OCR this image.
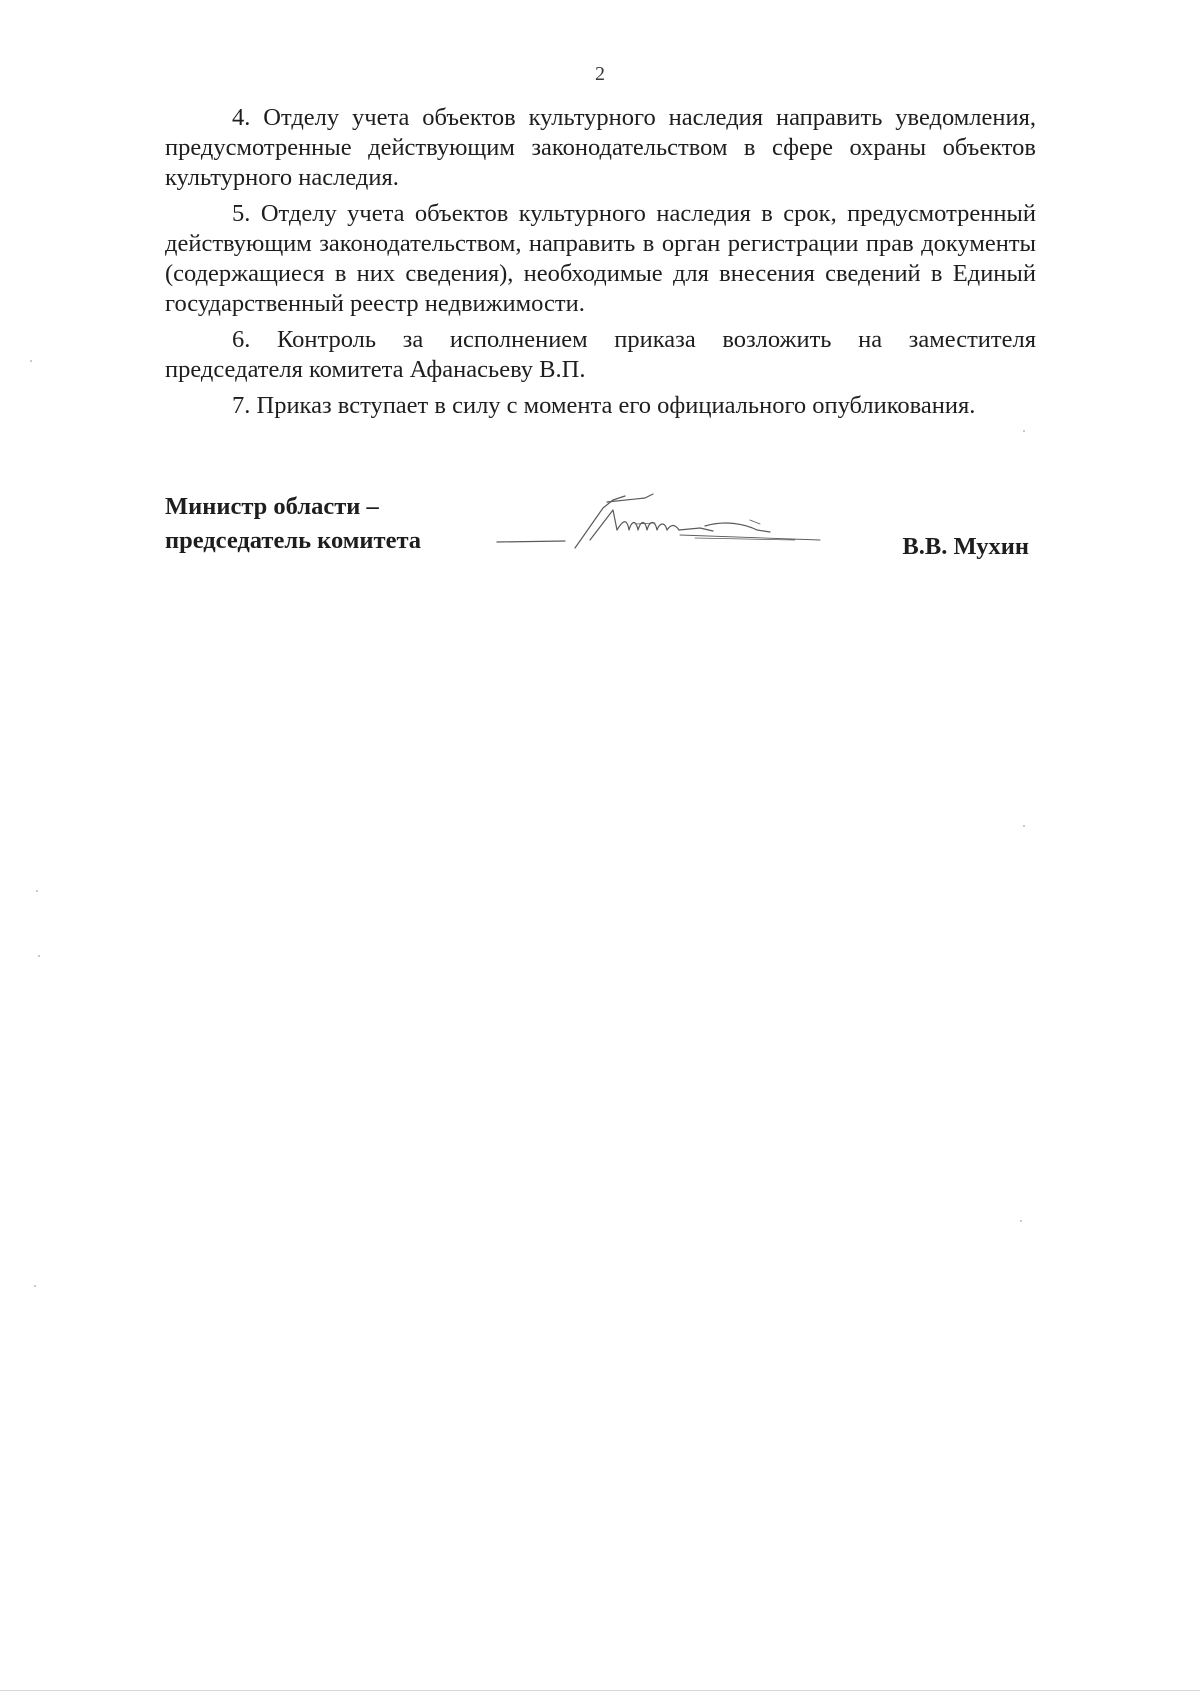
2

4. Отделу учета объектов культурного наследия направить уведомления, предусмотренные действующим законодательством в сфере охраны объектов культурного наследия.

5. Отделу учета объектов культурного наследия в срок, предусмотренный действующим законодательством, направить в орган регистрации прав документы (содержащиеся в них сведения), необходимые для внесения сведений в Единый государственный реестр недвижимости.

6. Контроль за исполнением приказа возложить на заместителя председателя комитета Афанасьеву В.П.

7. Приказ вступает в силу с момента его официального опубликования.

Министр области –
председатель комитета	В.В. Мухин
